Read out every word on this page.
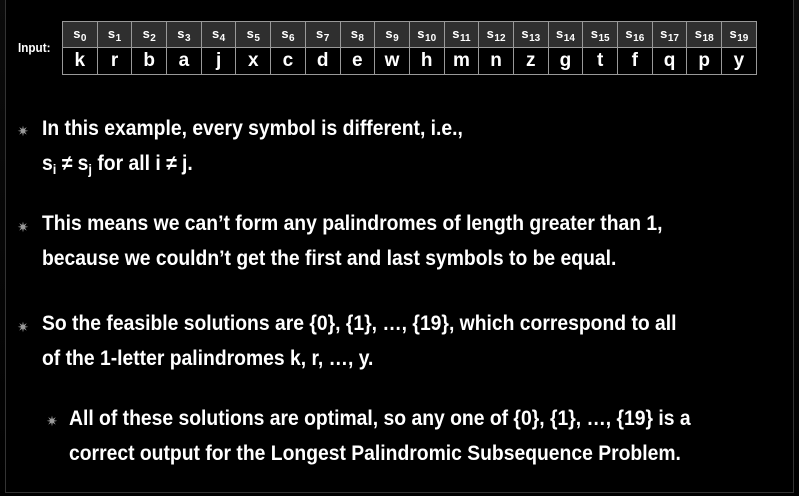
Input:
$s_0$	$s_1$	$s_2$	$s_3$	$s_4$	$s_5$	$s_6$	$s_7$	$s_8$	$s_9$	$s_{10}$	$s_{11}$	$s_{12}$	$s_{13}$	$s_{14}$	$s_{15}$	$s_{16}$	$s_{17}$	$s_{18}$	$s_{19}$
k	r	b	a	j	x	c	d	e	w	h	m	n	z	g	t	f	q	p	y
✷ In this example, every symbol is different, i.e.,
$s_i \ne s_j$ for all i ≠ j.
✷ This means we can’t form any palindromes of length greater than 1,
because we couldn’t get the first and last symbols to be equal.
✷ So the feasible solutions are {0}, {1}, …, {19}, which correspond to all
of the 1-letter palindromes k, r, …, y.
✷ All of these solutions are optimal, so any one of {0}, {1}, …, {19} is a
correct output for the Longest Palindromic Subsequence Problem.
